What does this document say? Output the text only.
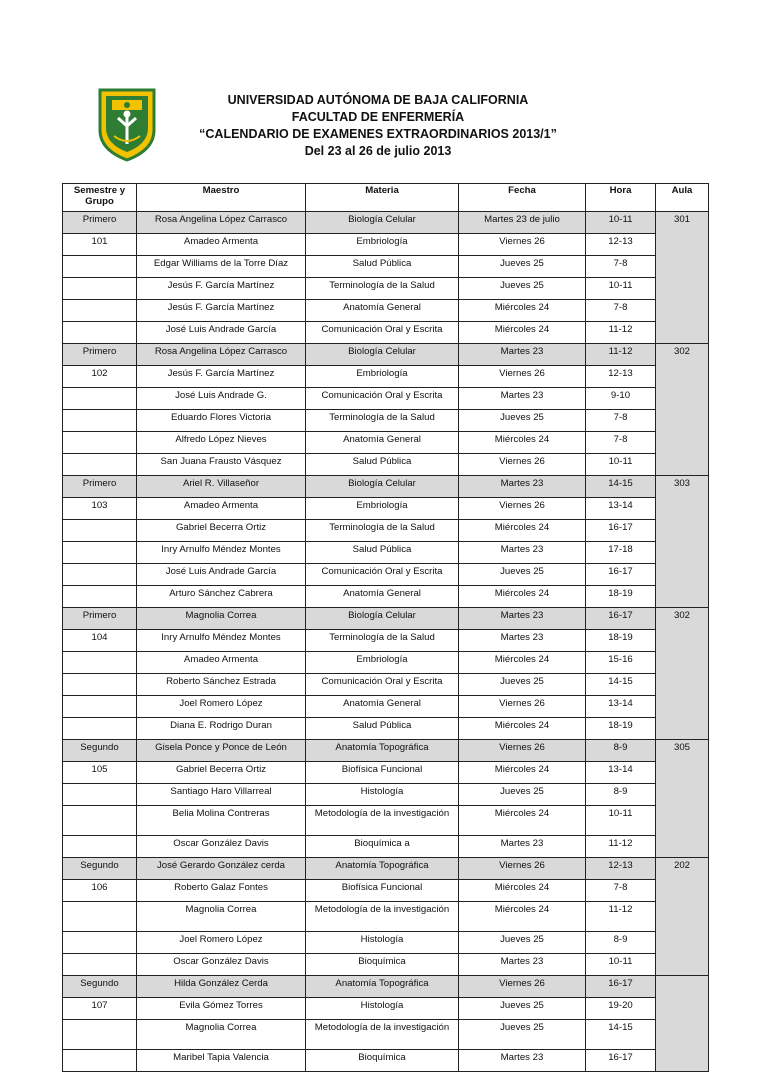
UNIVERSIDAD AUTÓNOMA DE BAJA CALIFORNIA
FACULTAD DE ENFERMERÍA
“CALENDARIO DE EXAMENES EXTRAORDINARIOS 2013/1”
Del 23 al 26 de julio 2013
Semestre y Grupo	Maestro	Materia	Fecha	Hora	Aula
Primero	Rosa Angelina López Carrasco	Biología Celular	Martes 23 de julio	10-11	301
101	Amadeo Armenta	Embriología	Viernes 26	12-13	
	Edgar Williams de la Torre Díaz	Salud Pública	Jueves 25	7-8	
	Jesús F. García Martínez	Terminología de la Salud	Jueves 25	10-11	
	Jesús F. García Martínez	Anatomía General	Miércoles 24	7-8	
	José Luis Andrade García	Comunicación Oral y Escrita	Miércoles 24	11-12	
Primero	Rosa Angelina López Carrasco	Biología Celular	Martes 23	11-12	302
102	Jesús F. García Martínez	Embriología	Viernes 26	12-13	
	José Luis Andrade G.	Comunicación Oral y Escrita	Martes 23	9-10	
	Eduardo Flores Victoria	Terminología de la Salud	Jueves 25	7-8	
	Alfredo López Nieves	Anatomía General	Miércoles 24	7-8	
	San Juana Frausto Vásquez	Salud Pública	Viernes 26	10-11	
Primero	Ariel R. Villaseñor	Biología Celular	Martes 23	14-15	303
103	Amadeo Armenta	Embriología	Viernes 26	13-14	
	Gabriel Becerra Ortiz	Terminología de la Salud	Miércoles 24	16-17	
	Inry Arnulfo Méndez Montes	Salud Pública	Martes 23	17-18	
	José Luis Andrade García	Comunicación Oral y Escrita	Jueves 25	16-17	
	Arturo Sánchez Cabrera	Anatomía General	Miércoles 24	18-19	
Primero	Magnolia Correa	Biología Celular	Martes 23	16-17	302
104	Inry Arnulfo Méndez Montes	Terminología de la Salud	Martes 23	18-19	
	Amadeo Armenta	Embriología	Miércoles 24	15-16	
	Roberto Sánchez Estrada	Comunicación Oral y Escrita	Jueves 25	14-15	
	Joel Romero López	Anatomía General	Viernes 26	13-14	
	Diana E. Rodrigo Duran	Salud Pública	Miércoles 24	18-19	
Segundo	Gisela Ponce y Ponce de León	Anatomía Topográfica	Viernes 26	8-9	305
105	Gabriel Becerra Ortiz	Biofísica Funcional	Miércoles 24	13-14	
	Santiago Haro Villarreal	Histología	Jueves 25	8-9	
	Belia Molina Contreras	Metodología de la investigación	Miércoles 24	10-11	
	Oscar González Davis	Bioquímica a	Martes 23	11-12	
Segundo	José Gerardo González cerda	Anatomía Topográfica	Viernes 26	12-13	202
106	Roberto Galaz Fontes	Biofísica Funcional	Miércoles 24	7-8	
	Magnolia Correa	Metodología de la investigación	Miércoles 24	11-12	
	Joel Romero López	Histología	Jueves 25	8-9	
	Oscar González Davis	Bioquímica	Martes 23	10-11	
Segundo	Hilda González Cerda	Anatomía Topográfica	Viernes 26	16-17	
107	Evila Gómez Torres	Histología	Jueves 25	19-20	
	Magnolia Correa	Metodología de la investigación	Jueves 25	14-15	
	Maribel Tapia Valencia	Bioquímica	Martes 23	16-17	
